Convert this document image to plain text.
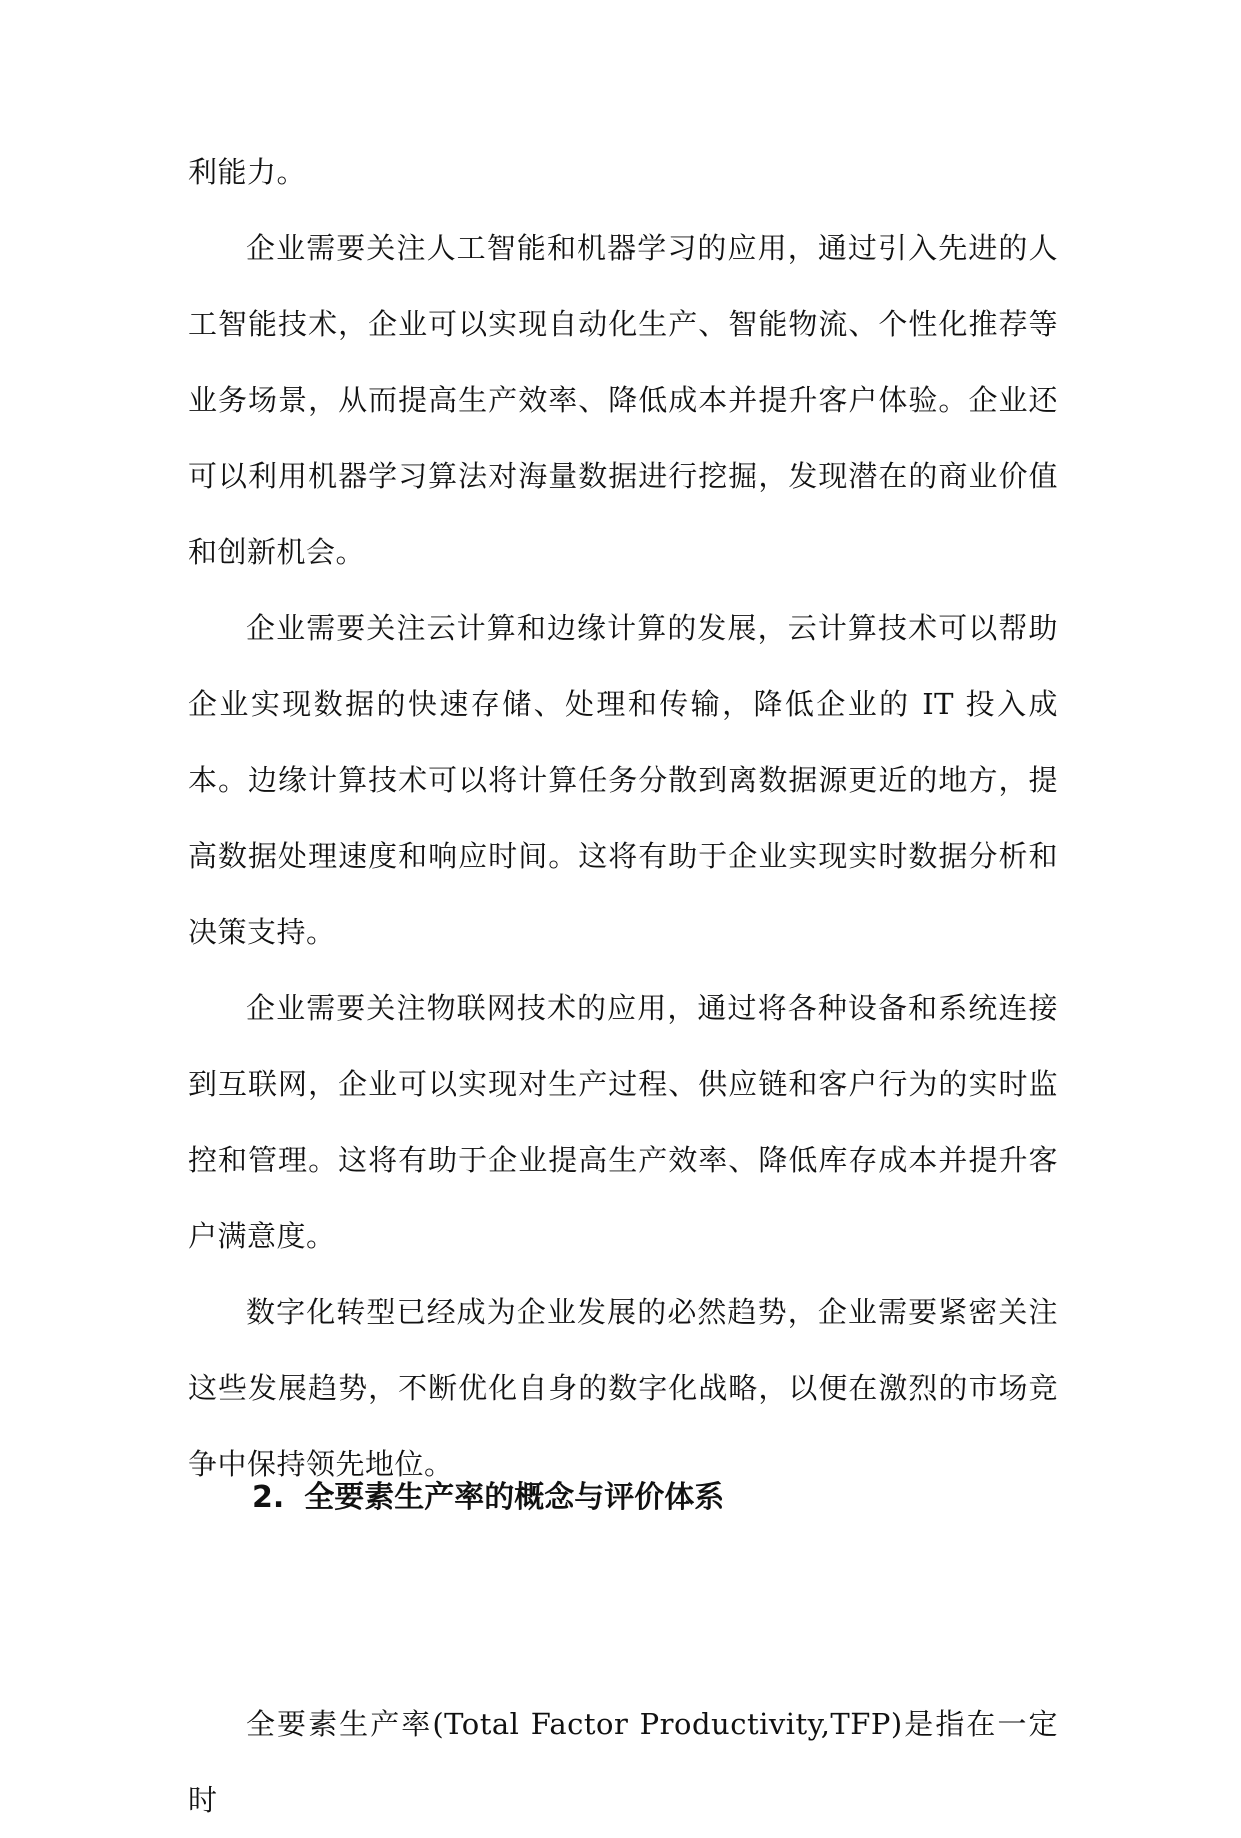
利能力。

企业需要关注人工智能和机器学习的应用，通过引入先进的人工智能技术，企业可以实现自动化生产、智能物流、个性化推荐等业务场景，从而提高生产效率、降低成本并提升客户体验。企业还可以利用机器学习算法对海量数据进行挖掘，发现潜在的商业价值和创新机会。

企业需要关注云计算和边缘计算的发展，云计算技术可以帮助企业实现数据的快速存储、处理和传输，降低企业的 IT 投入成本。边缘计算技术可以将计算任务分散到离数据源更近的地方，提高数据处理速度和响应时间。这将有助于企业实现实时数据分析和决策支持。

企业需要关注物联网技术的应用，通过将各种设备和系统连接到互联网，企业可以实现对生产过程、供应链和客户行为的实时监控和管理。这将有助于企业提高生产效率、降低库存成本并提升客户满意度。

数字化转型已经成为企业发展的必然趋势，企业需要紧密关注这些发展趋势，不断优化自身的数字化战略，以便在激烈的市场竞争中保持领先地位。

2. 全要素生产率的概念与评价体系

全要素生产率(Total Factor Productivity,TFP)是指在一定时
